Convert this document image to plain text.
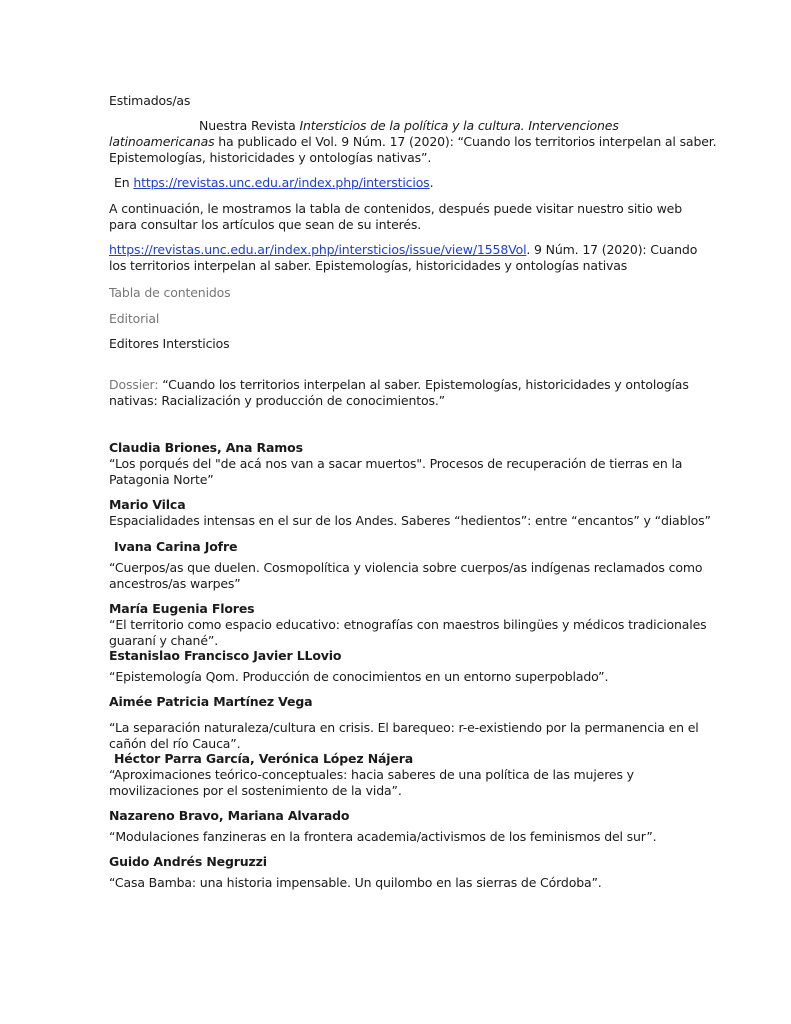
Estimados/as
Nuestra Revista Intersticios de la política y la cultura. Intervenciones
latinoamericanas ha publicado el Vol. 9 Núm. 17 (2020): “Cuando los territorios interpelan al saber.
Epistemologías, historicidades y ontologías nativas”.
En https://revistas.unc.edu.ar/index.php/intersticios.
A continuación, le mostramos la tabla de contenidos, después puede visitar nuestro sitio web para consultar los artículos que sean de su interés.
https://revistas.unc.edu.ar/index.php/intersticios/issue/view/1558Vol. 9 Núm. 17 (2020): Cuando
los territorios interpelan al saber. Epistemologías, historicidades y ontologías nativas
Tabla de contenidos
Editorial
Editores Intersticios
Dossier: “Cuando los territorios interpelan al saber. Epistemologías, historicidades y ontologías
nativas: Racialización y producción de conocimientos.”
Claudia Briones, Ana Ramos
“Los porqués del "de acá nos van a sacar muertos". Procesos de recuperación de tierras en la
Patagonia Norte”
Mario Vilca
Espacialidades intensas en el sur de los Andes. Saberes “hedientos”: entre “encantos” y “diablos”
Ivana Carina Jofre
“Cuerpos/as que duelen. Cosmopolítica y violencia sobre cuerpos/as indígenas reclamados como
ancestros/as warpes”
María Eugenia Flores
“El territorio como espacio educativo: etnografías con maestros bilingües y médicos tradicionales
guaraní y chané”.
Estanislao Francisco Javier LLovio
“Epistemología Qom. Producción de conocimientos en un entorno superpoblado”.
Aimée Patricia Martínez Vega
“La separación naturaleza/cultura en crisis. El barequeo: r-e-existiendo por la permanencia en el
cañón del río Cauca”.
Héctor Parra García, Verónica López Nájera
“Aproximaciones teórico-conceptuales: hacia saberes de una política de las mujeres y
movilizaciones por el sostenimiento de la vida”.
Nazareno Bravo, Mariana Alvarado
“Modulaciones fanzineras en la frontera academia/activismos de los feminismos del sur”.
Guido Andrés Negruzzi
“Casa Bamba: una historia impensable. Un quilombo en las sierras de Córdoba”.
